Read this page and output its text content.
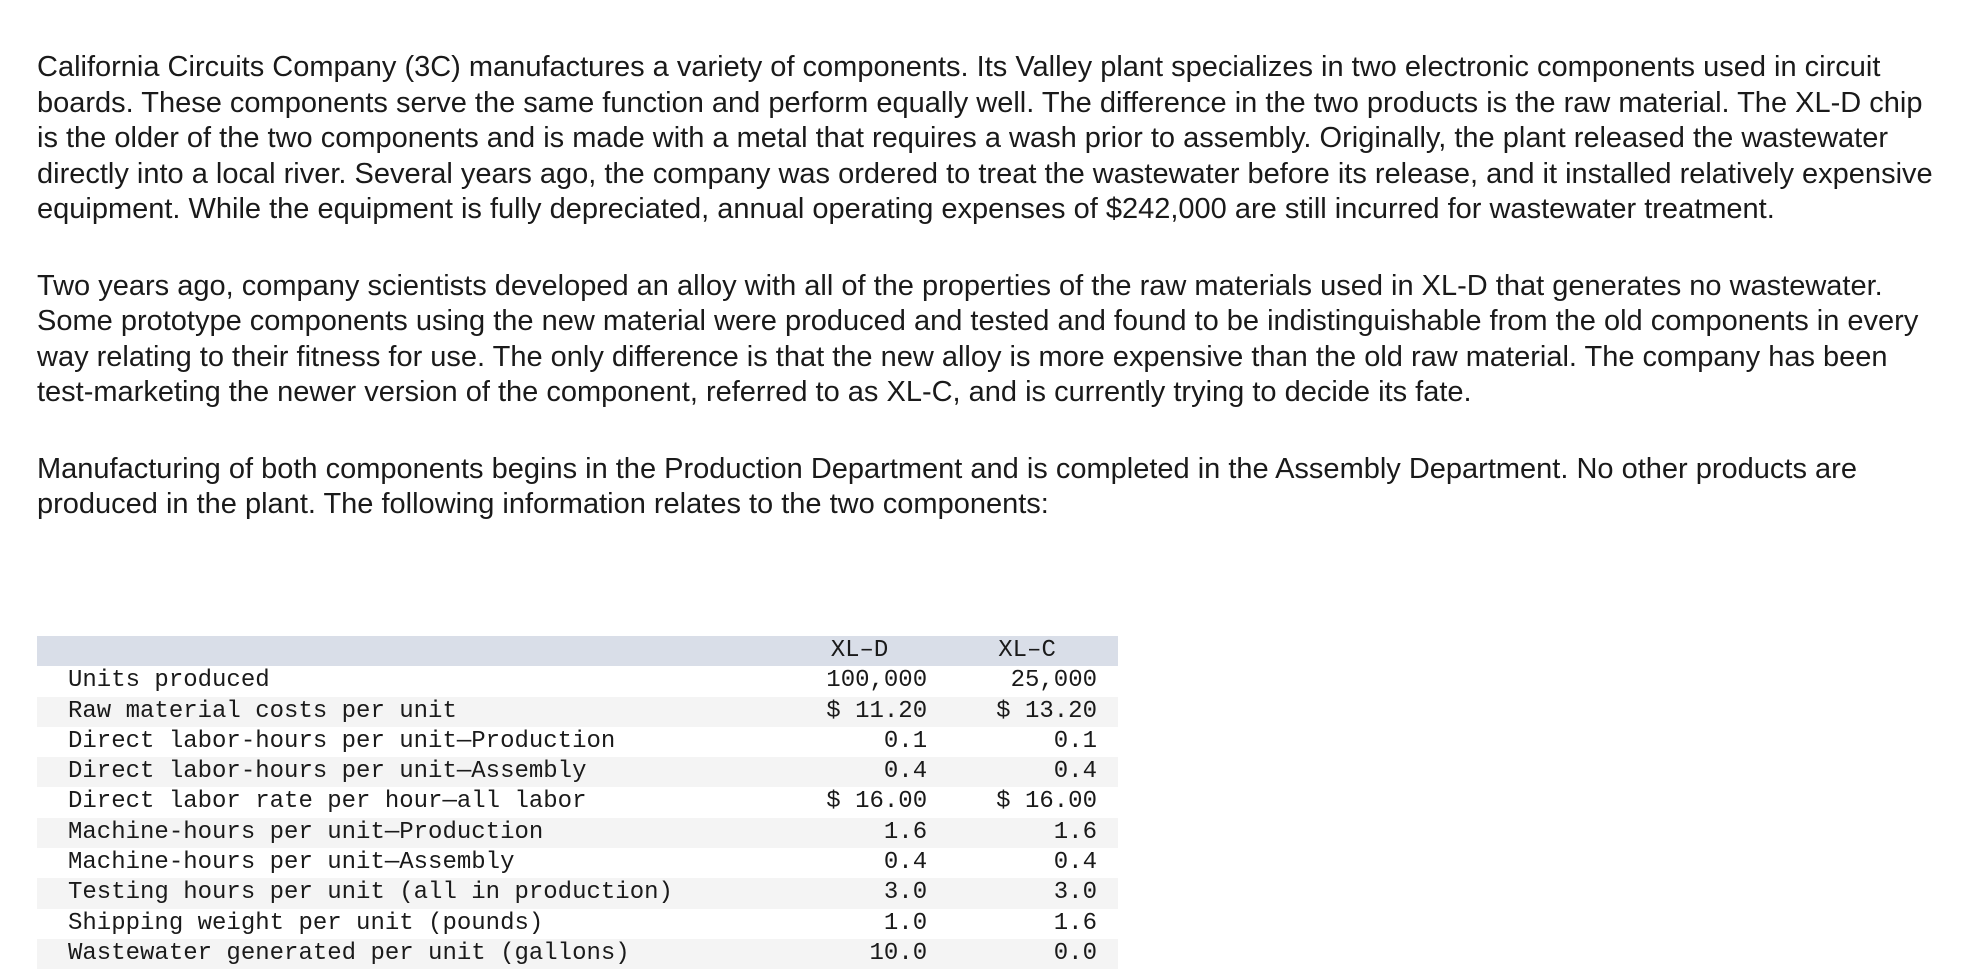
California Circuits Company (3C) manufactures a variety of components. Its Valley plant specializes in two electronic components used in circuit boards. These components serve the same function and perform equally well. The difference in the two products is the raw material. The XL-D chip is the older of the two components and is made with a metal that requires a wash prior to assembly. Originally, the plant released the wastewater directly into a local river. Several years ago, the company was ordered to treat the wastewater before its release, and it installed relatively expensive equipment. While the equipment is fully depreciated, annual operating expenses of $242,000 are still incurred for wastewater treatment.

Two years ago, company scientists developed an alloy with all of the properties of the raw materials used in XL-D that generates no wastewater. Some prototype components using the new material were produced and tested and found to be indistinguishable from the old components in every way relating to their fitness for use. The only difference is that the new alloy is more expensive than the old raw material. The company has been test-marketing the newer version of the component, referred to as XL-C, and is currently trying to decide its fate.

Manufacturing of both components begins in the Production Department and is completed in the Assembly Department. No other products are produced in the plant. The following information relates to the two components:

	XL–D	XL–C
Units produced	100,000	25,000
Raw material costs per unit	$ 11.20	$ 13.20
Direct labor-hours per unit—Production	0.1	0.1
Direct labor-hours per unit—Assembly	0.4	0.4
Direct labor rate per hour—all labor	$ 16.00	$ 16.00
Machine-hours per unit—Production	1.6	1.6
Machine-hours per unit—Assembly	0.4	0.4
Testing hours per unit (all in production)	3.0	3.0
Shipping weight per unit (pounds)	1.0	1.6
Wastewater generated per unit (gallons)	10.0	0.0
